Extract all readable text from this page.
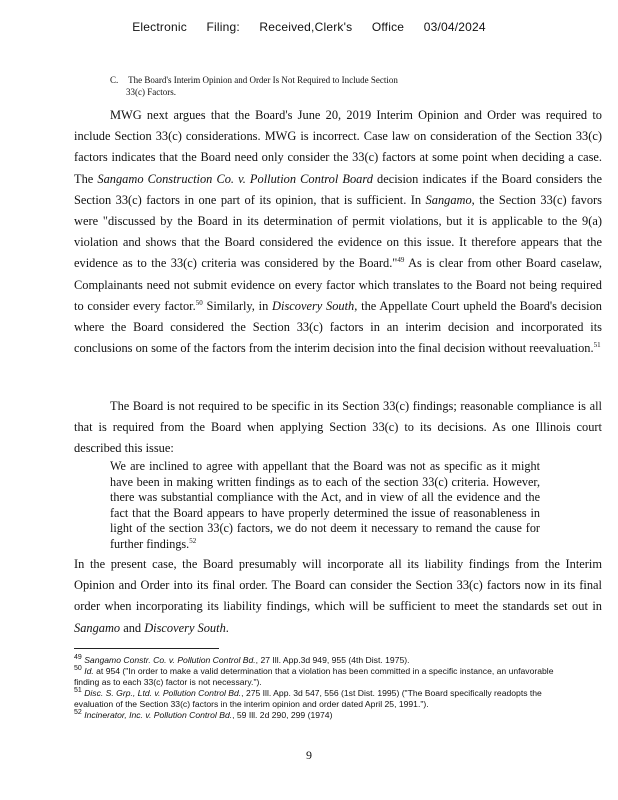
Electronic Filing: Received,Clerk's Office 03/04/2024
C. The Board's Interim Opinion and Order Is Not Required to Include Section
33(c) Factors.
MWG next argues that the Board's June 20, 2019 Interim Opinion and Order was required to include Section 33(c) considerations. MWG is incorrect. Case law on consideration of the Section 33(c) factors indicates that the Board need only consider the 33(c) factors at some point when deciding a case. The Sangamo Construction Co. v. Pollution Control Board decision indicates if the Board considers the Section 33(c) factors in one part of its opinion, that is sufficient. In Sangamo, the Section 33(c) favors were "discussed by the Board in its determination of permit violations, but it is applicable to the 9(a) violation and shows that the Board considered the evidence on this issue. It therefore appears that the evidence as to the 33(c) criteria was considered by the Board."$^{49}$ As is clear from other Board caselaw, Complainants need not submit evidence on every factor which translates to the Board not being required to consider every factor.$^{50}$ Similarly, in Discovery South, the Appellate Court upheld the Board's decision where the Board considered the Section 33(c) factors in an interim decision and incorporated its conclusions on some of the factors from the interim decision into the final decision without reevaluation.$^{51}$
The Board is not required to be specific in its Section 33(c) findings; reasonable compliance is all that is required from the Board when applying Section 33(c) to its decisions. As one Illinois court described this issue:
We are inclined to agree with appellant that the Board was not as specific as it might have been in making written findings as to each of the section 33(c) criteria. However, there was substantial compliance with the Act, and in view of all the evidence and the fact that the Board appears to have properly determined the issue of reasonableness in light of the section 33(c) factors, we do not deem it necessary to remand the cause for further findings.$^{52}$
In the present case, the Board presumably will incorporate all its liability findings from the Interim Opinion and Order into its final order. The Board can consider the Section 33(c) factors now in its final order when incorporating its liability findings, which will be sufficient to meet the standards set out in Sangamo and Discovery South.

$^{49}$ Sangamo Constr. Co. v. Pollution Control Bd., 27 Ill. App.3d 949, 955 (4th Dist. 1975).

$^{50}$ Id. at 954 ("In order to make a valid determination that a violation has been committed in a specific instance, an unfavorable finding as to each 33(c) factor is not necessary.").

$^{51}$ Disc. S. Grp., Ltd. v. Pollution Control Bd., 275 Ill. App. 3d 547, 556 (1st Dist. 1995) ("The Board specifically readopts the evaluation of the Section 33(c) factors in the interim opinion and order dated April 25, 1991.").

$^{52}$ Incinerator, Inc. v. Pollution Control Bd., 59 Ill. 2d 290, 299 (1974)

9
